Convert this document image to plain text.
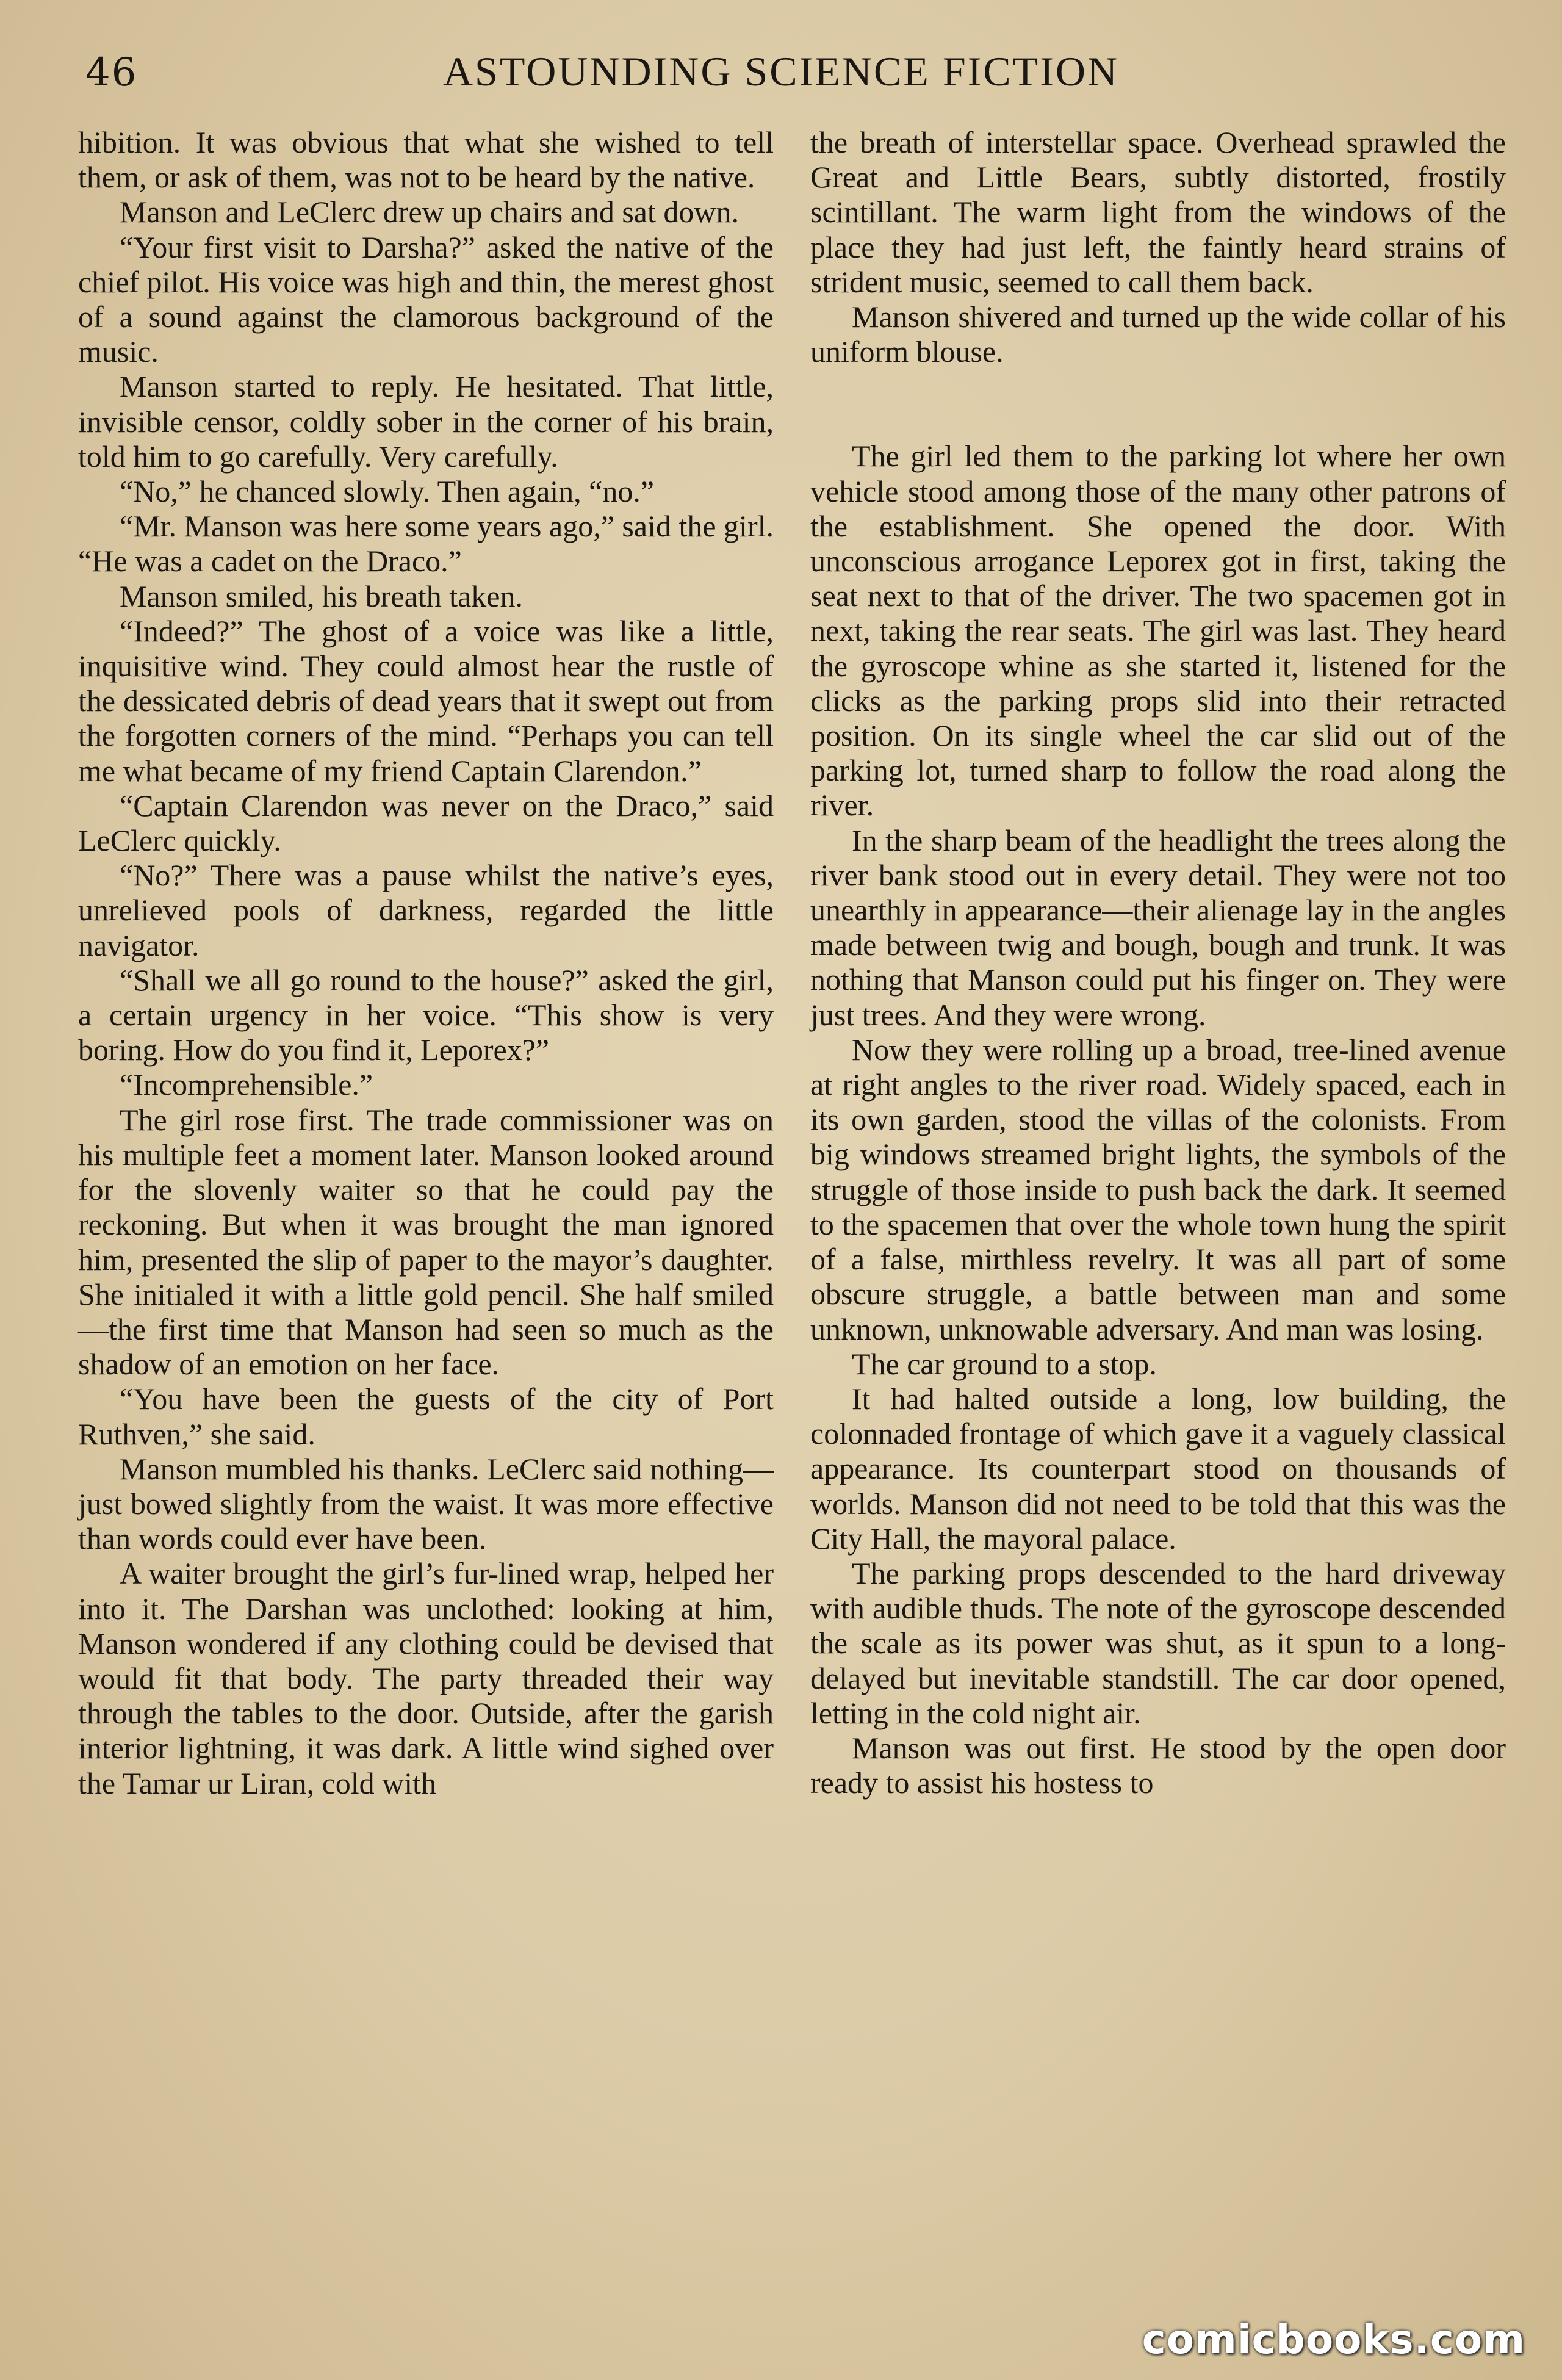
46	ASTOUNDING SCIENCE FICTION

hibition. It was obvious that what she wished to tell them, or ask of them, was not to be heard by the native.

Manson and LeClerc drew up chairs and sat down.

“Your first visit to Darsha?” asked the native of the chief pilot. His voice was high and thin, the merest ghost of a sound against the clamorous background of the music.

Manson started to reply. He hesitated. That little, invisible censor, coldly sober in the corner of his brain, told him to go carefully. Very carefully.

“No,” he chanced slowly. Then again, “no.”

“Mr. Manson was here some years ago,” said the girl. “He was a cadet on the Draco.”

Manson smiled, his breath taken.

“Indeed?” The ghost of a voice was like a little, inquisitive wind. They could almost hear the rustle of the dessicated debris of dead years that it swept out from the forgotten corners of the mind. “Perhaps you can tell me what became of my friend Captain Clarendon.”

“Captain Clarendon was never on the Draco,” said LeClerc quickly.

“No?” There was a pause whilst the native’s eyes, unrelieved pools of darkness, regarded the little navigator.

“Shall we all go round to the house?” asked the girl, a certain urgency in her voice. “This show is very boring. How do you find it, Leporex?”

“Incomprehensible.”

The girl rose first. The trade commissioner was on his multiple feet a moment later. Manson looked around for the slovenly waiter so that he could pay the reckoning. But when it was brought the man ignored him, presented the slip of paper to the mayor’s daughter. She initialed it with a little gold pencil. She half smiled—the first time that Manson had seen so much as the shadow of an emotion on her face.

“You have been the guests of the city of Port Ruthven,” she said.

Manson mumbled his thanks. LeClerc said nothing—just bowed slightly from the waist. It was more effective than words could ever have been.

A waiter brought the girl’s fur-lined wrap, helped her into it. The Darshan was unclothed: looking at him, Manson wondered if any clothing could be devised that would fit that body. The party threaded their way through the tables to the door. Outside, after the garish interior lightning, it was dark. A little wind sighed over the Tamar ur Liran, cold with

the breath of interstellar space. Overhead sprawled the Great and Little Bears, subtly distorted, frostily scintillant. The warm light from the windows of the place they had just left, the faintly heard strains of strident music, seemed to call them back.

Manson shivered and turned up the wide collar of his uniform blouse.

The girl led them to the parking lot where her own vehicle stood among those of the many other patrons of the establishment. She opened the door. With unconscious arrogance Leporex got in first, taking the seat next to that of the driver. The two spacemen got in next, taking the rear seats. The girl was last. They heard the gyroscope whine as she started it, listened for the clicks as the parking props slid into their retracted position. On its single wheel the car slid out of the parking lot, turned sharp to follow the road along the river.

In the sharp beam of the headlight the trees along the river bank stood out in every detail. They were not too unearthly in appearance—their alienage lay in the angles made between twig and bough, bough and trunk. It was nothing that Manson could put his finger on. They were just trees. And they were wrong.

Now they were rolling up a broad, tree-lined avenue at right angles to the river road. Widely spaced, each in its own garden, stood the villas of the colonists. From big windows streamed bright lights, the symbols of the struggle of those inside to push back the dark. It seemed to the spacemen that over the whole town hung the spirit of a false, mirthless revelry. It was all part of some obscure struggle, a battle between man and some unknown, unknowable adversary. And man was losing.

The car ground to a stop.

It had halted outside a long, low building, the colonnaded frontage of which gave it a vaguely classical appearance. Its counterpart stood on thousands of worlds. Manson did not need to be told that this was the City Hall, the mayoral palace.

The parking props descended to the hard driveway with audible thuds. The note of the gyroscope descended the scale as its power was shut, as it spun to a long-delayed but inevitable standstill. The car door opened, letting in the cold night air.

Manson was out first. He stood by the open door ready to assist his hostess to

comicbooks.com
